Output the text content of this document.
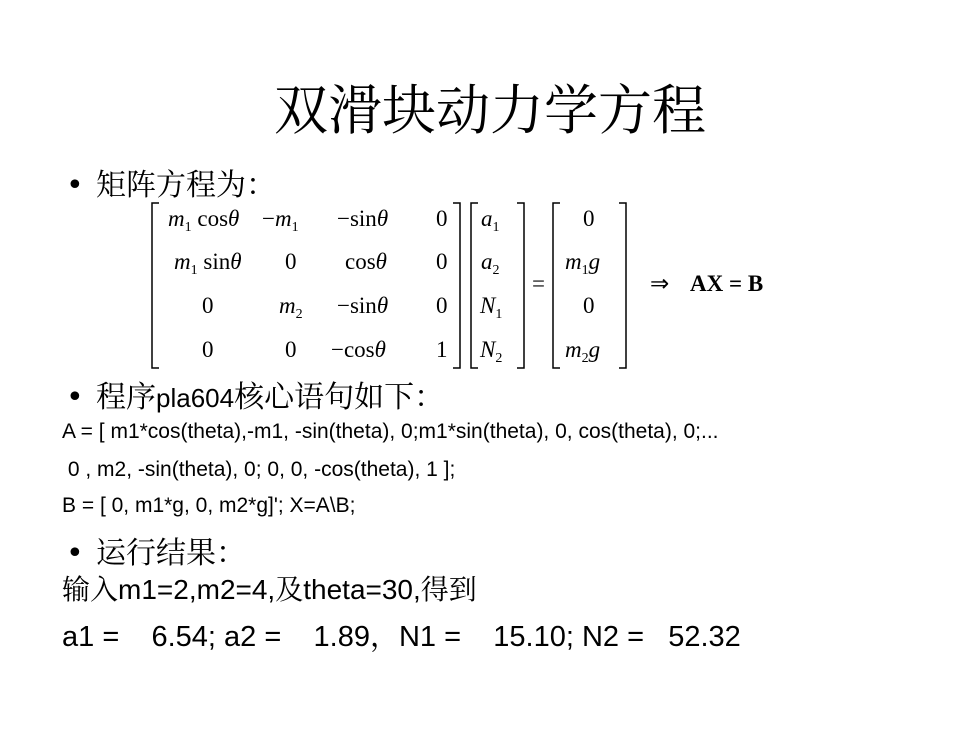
双滑块动力学方程
• 矩阵方程为：
$m_1$ $\cos\theta -m_1 -\sin\theta$ 0
$m_1$ sinθ 0 cosθ 0
0	$m_2 -\sin\theta$ 0
0	0 −cosθ 1
$a_1$
$a_2$
$N_1$
$N_2$
=
0
$m_1g$
0
$m_2g$
⇒ AX = B
• 程序pla604核心语句如下：
A = [ m1*cos(theta),-m1, -sin(theta), 0;m1*sin(theta), 0, cos(theta), 0;...
0 , m2, -sin(theta), 0; 0, 0, -cos(theta), 1 ];
B = [ 0, m1*g, 0, m2*g]'; X=A\B;
• 运行结果：
输入m1=2,m2=4,及theta=30,得到
a1 =    6.54; a2 =    1.89，N1 =    15.10; N2 =   52.32
